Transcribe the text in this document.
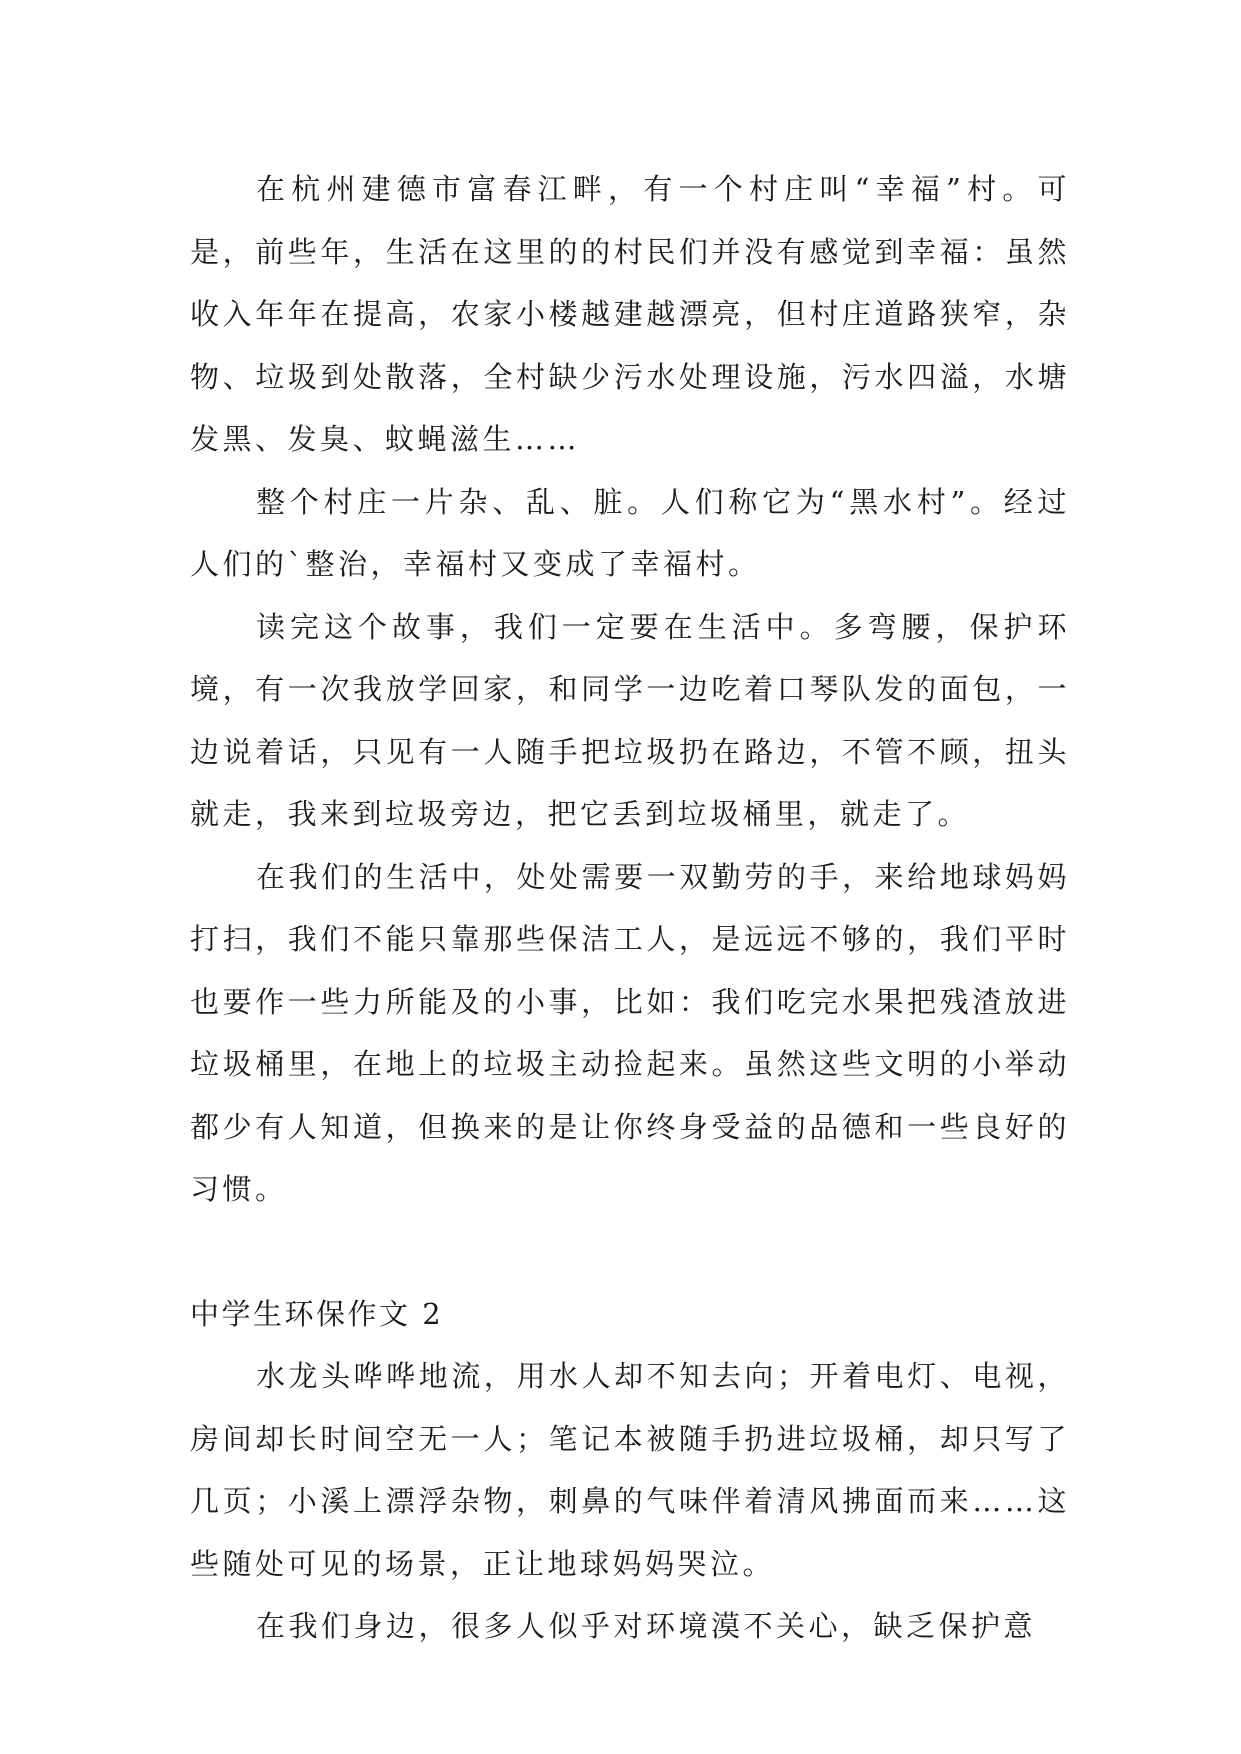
在杭州建德市富春江畔，有一个村庄叫“幸福”村。可是，前些年，生活在这里的的村民们并没有感觉到幸福：虽然收入年年在提高，农家小楼越建越漂亮，但村庄道路狭窄，杂物、垃圾到处散落，全村缺少污水处理设施，污水四溢，水塘发黑、发臭、蚊蝇滋生……

整个村庄一片杂、乱、脏。人们称它为“黑水村”。经过人们的`整治，幸福村又变成了幸福村。

读完这个故事，我们一定要在生活中。多弯腰，保护环境，有一次我放学回家，和同学一边吃着口琴队发的面包，一边说着话，只见有一人随手把垃圾扔在路边，不管不顾，扭头就走，我来到垃圾旁边，把它丢到垃圾桶里，就走了。

在我们的生活中，处处需要一双勤劳的手，来给地球妈妈打扫，我们不能只靠那些保洁工人，是远远不够的，我们平时也要作一些力所能及的小事，比如：我们吃完水果把残渣放进垃圾桶里，在地上的垃圾主动捡起来。虽然这些文明的小举动都少有人知道，但换来的是让你终身受益的品德和一些良好的习惯。

中学生环保作文 2

水龙头哗哗地流，用水人却不知去向；开着电灯、电视，房间却长时间空无一人；笔记本被随手扔进垃圾桶，却只写了几页；小溪上漂浮杂物，刺鼻的气味伴着清风拂面而来……这些随处可见的场景，正让地球妈妈哭泣。

在我们身边，很多人似乎对环境漠不关心，缺乏保护意
